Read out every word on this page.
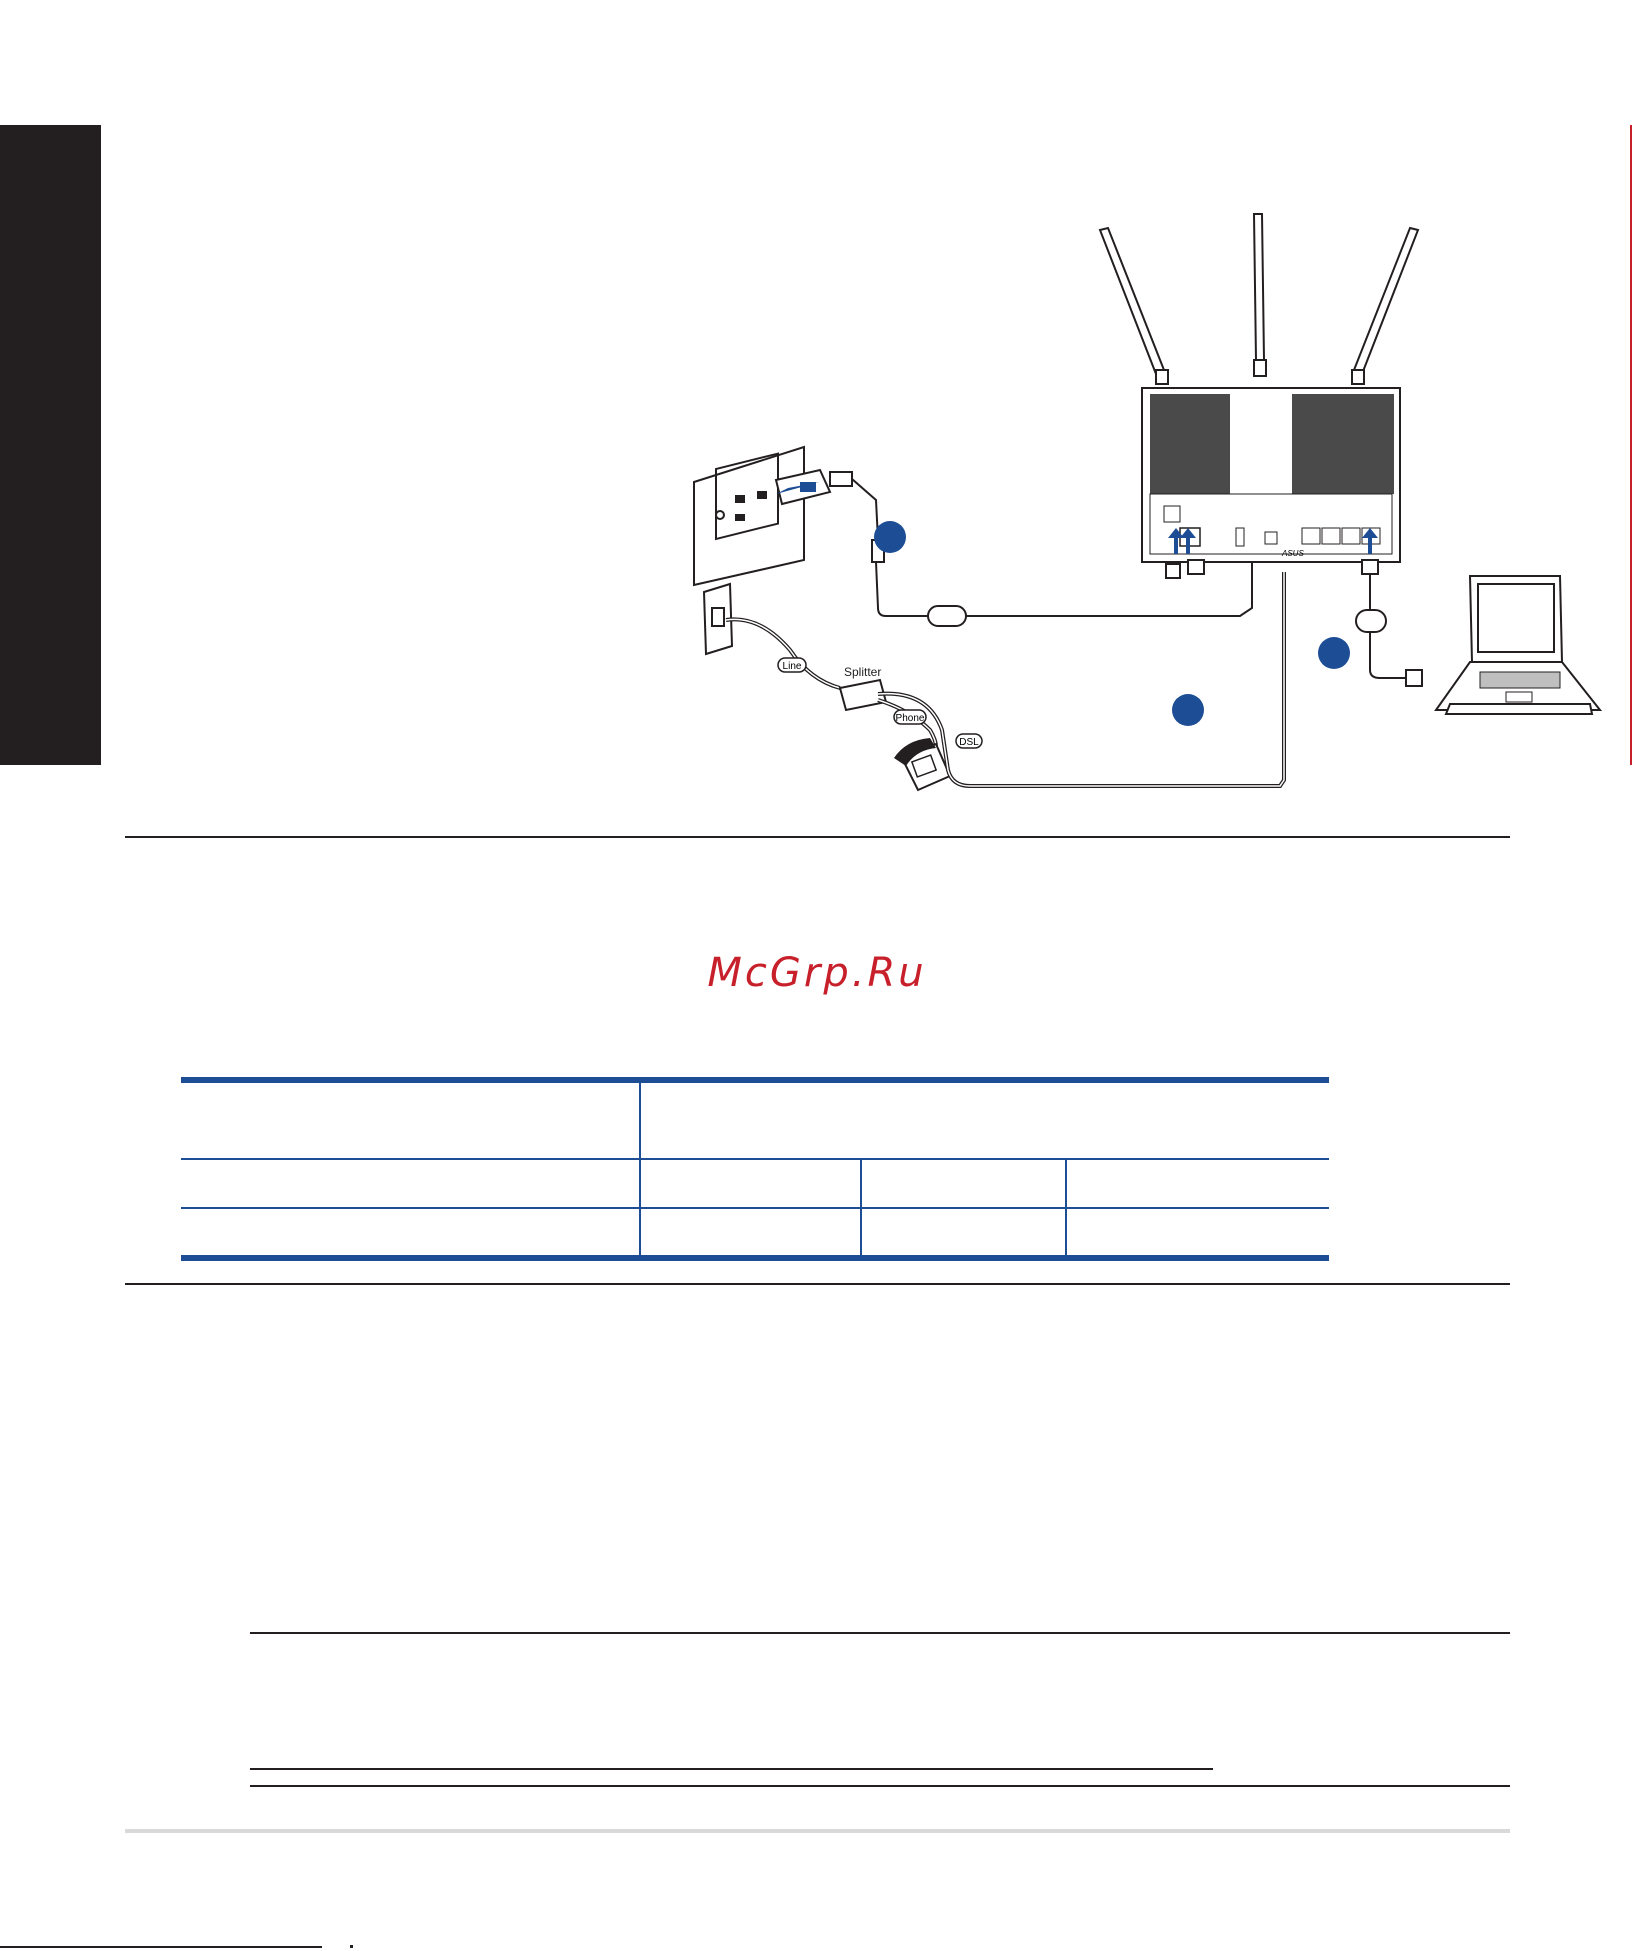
Line	Splitter
Phone
DSL
ASUS
McGrp.Ru
